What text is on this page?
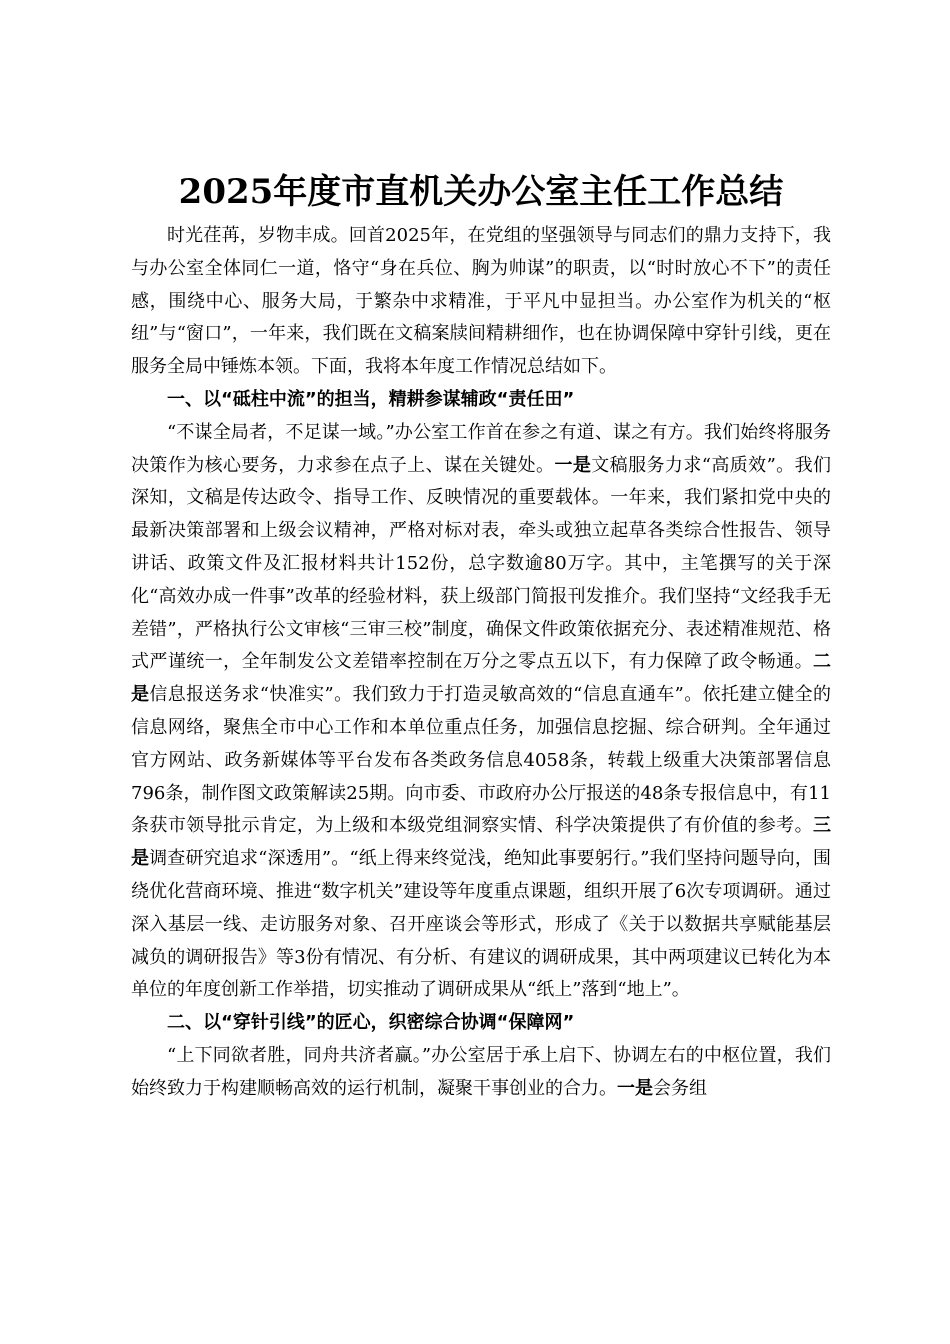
2025年度市直机关办公室主任工作总结

时光荏苒，岁物丰成。回首2025年，在党组的坚强领导与同志们的鼎力支持下，我与办公室全体同仁一道，恪守“身在兵位、胸为帅谋”的职责，以“时时放心不下”的责任感，围绕中心、服务大局，于繁杂中求精准，于平凡中显担当。办公室作为机关的“枢纽”与“窗口”，一年来，我们既在文稿案牍间精耕细作，也在协调保障中穿针引线，更在服务全局中锤炼本领。下面，我将本年度工作情况总结如下。

一、以“砥柱中流”的担当，精耕参谋辅政“责任田”

“不谋全局者，不足谋一域。”办公室工作首在参之有道、谋之有方。我们始终将服务决策作为核心要务，力求参在点子上、谋在关键处。一是文稿服务力求“高质效”。我们深知，文稿是传达政令、指导工作、反映情况的重要载体。一年来，我们紧扣党中央的最新决策部署和上级会议精神，严格对标对表，牵头或独立起草各类综合性报告、领导讲话、政策文件及汇报材料共计152份，总字数逾80万字。其中，主笔撰写的关于深化“高效办成一件事”改革的经验材料，获上级部门简报刊发推介。我们坚持“文经我手无差错”，严格执行公文审核“三审三校”制度，确保文件政策依据充分、表述精准规范、格式严谨统一，全年制发公文差错率控制在万分之零点五以下，有力保障了政令畅通。二是信息报送务求“快准实”。我们致力于打造灵敏高效的“信息直通车”。依托建立健全的信息网络，聚焦全市中心工作和本单位重点任务，加强信息挖掘、综合研判。全年通过官方网站、政务新媒体等平台发布各类政务信息4058条，转载上级重大决策部署信息796条，制作图文政策解读25期。向市委、市政府办公厅报送的48条专报信息中，有11条获市领导批示肯定，为上级和本级党组洞察实情、科学决策提供了有价值的参考。三是调查研究追求“深透用”。“纸上得来终觉浅，绝知此事要躬行。”我们坚持问题导向，围绕优化营商环境、推进“数字机关”建设等年度重点课题，组织开展了6次专项调研。通过深入基层一线、走访服务对象、召开座谈会等形式，形成了《关于以数据共享赋能基层减负的调研报告》等3份有情况、有分析、有建议的调研成果，其中两项建议已转化为本单位的年度创新工作举措，切实推动了调研成果从“纸上”落到“地上”。

二、以“穿针引线”的匠心，织密综合协调“保障网”

“上下同欲者胜，同舟共济者赢。”办公室居于承上启下、协调左右的中枢位置，我们始终致力于构建顺畅高效的运行机制，凝聚干事创业的合力。一是会务组
